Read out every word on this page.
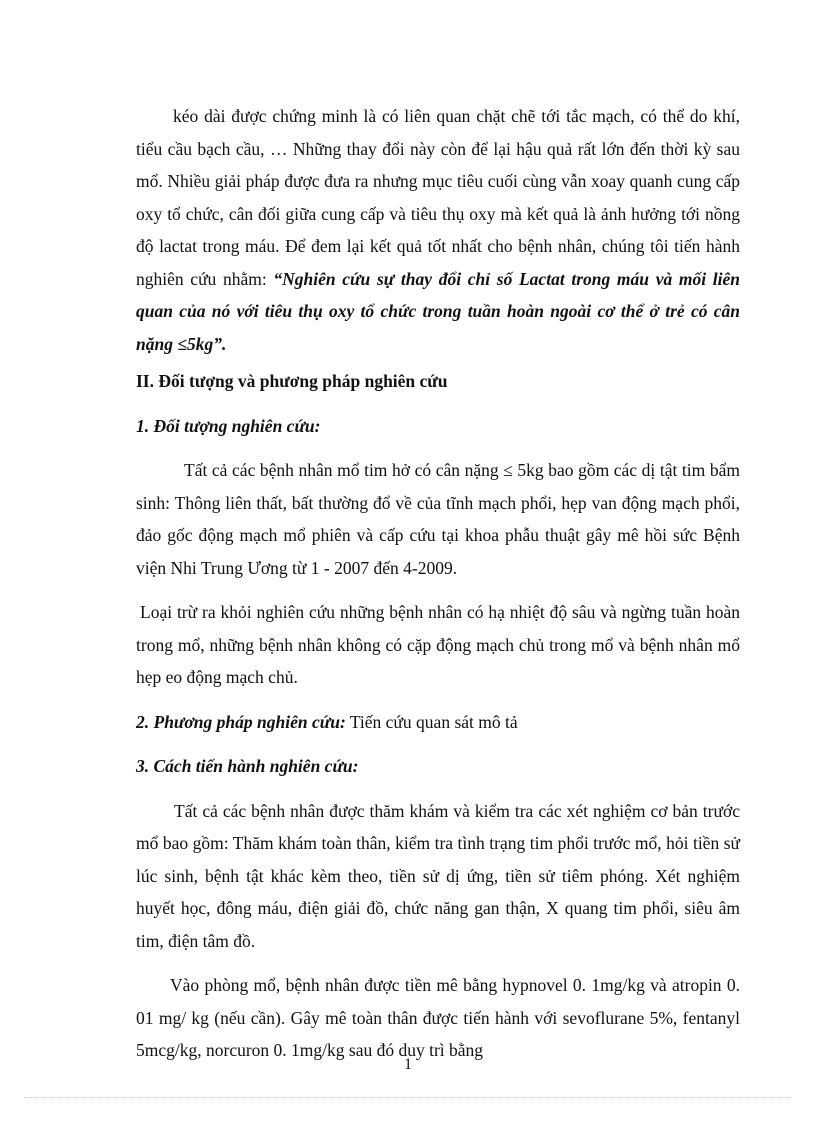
kéo dài được chứng minh là có liên quan chặt chẽ tới tắc mạch, có thể do khí, tiểu cầu bạch cầu, … Những thay đổi này còn để lại hậu quả rất lớn đến thời kỳ sau mổ. Nhiều giải pháp được đưa ra nhưng mục tiêu cuối cùng vẫn xoay quanh cung cấp oxy tổ chức, cân đối giữa cung cấp và tiêu thụ oxy mà kết quả là ảnh hưởng tới nồng độ lactat trong máu. Để đem lại kết quả tốt nhất cho bệnh nhân, chúng tôi tiến hành nghiên cứu nhằm: “Nghiên cứu sự thay đổi chỉ số Lactat trong máu và mối liên quan của nó với tiêu thụ oxy tổ chức trong tuần hoàn ngoài cơ thể ở trẻ có cân nặng ≤5kg”.

II. Đối tượng và phương pháp nghiên cứu

1. Đối tượng nghiên cứu:

Tất cả các bệnh nhân mổ tim hở có cân nặng ≤ 5kg bao gồm các dị tật tim bẩm sinh: Thông liên thất, bất thường đổ về của tĩnh mạch phổi, hẹp van động mạch phổi, đảo gốc động mạch mổ phiên và cấp cứu tại khoa phẫu thuật gây mê hồi sức Bệnh viện Nhi Trung Ương từ 1 - 2007 đến 4-2009.

Loại trừ ra khỏi nghiên cứu những bệnh nhân có hạ nhiệt độ sâu và ngừng tuần hoàn trong mổ, những bệnh nhân không có cặp động mạch chủ trong mổ và bệnh nhân mổ hẹp eo động mạch chủ.

2. Phương pháp nghiên cứu: Tiến cứu quan sát mô tả

3. Cách tiến hành nghiên cứu:

Tất cả các bệnh nhân được thăm khám và kiểm tra các xét nghiệm cơ bản trước mổ bao gồm: Thăm khám toàn thân, kiểm tra tình trạng tim phổi trước mổ, hỏi tiền sử lúc sinh, bệnh tật khác kèm theo, tiền sử dị ứng, tiền sử tiêm phóng. Xét nghiệm huyết học, đông máu, điện giải đồ, chức năng gan thận, X quang tim phổi, siêu âm tim, điện tâm đồ.

Vào phòng mổ, bệnh nhân được tiền mê bằng hypnovel 0. 1mg/kg và atropin 0. 01 mg/ kg (nếu cần). Gây mê toàn thân được tiến hành với sevoflurane 5%, fentanyl 5mcg/kg, norcuron 0. 1mg/kg sau đó duy trì bằng

1
